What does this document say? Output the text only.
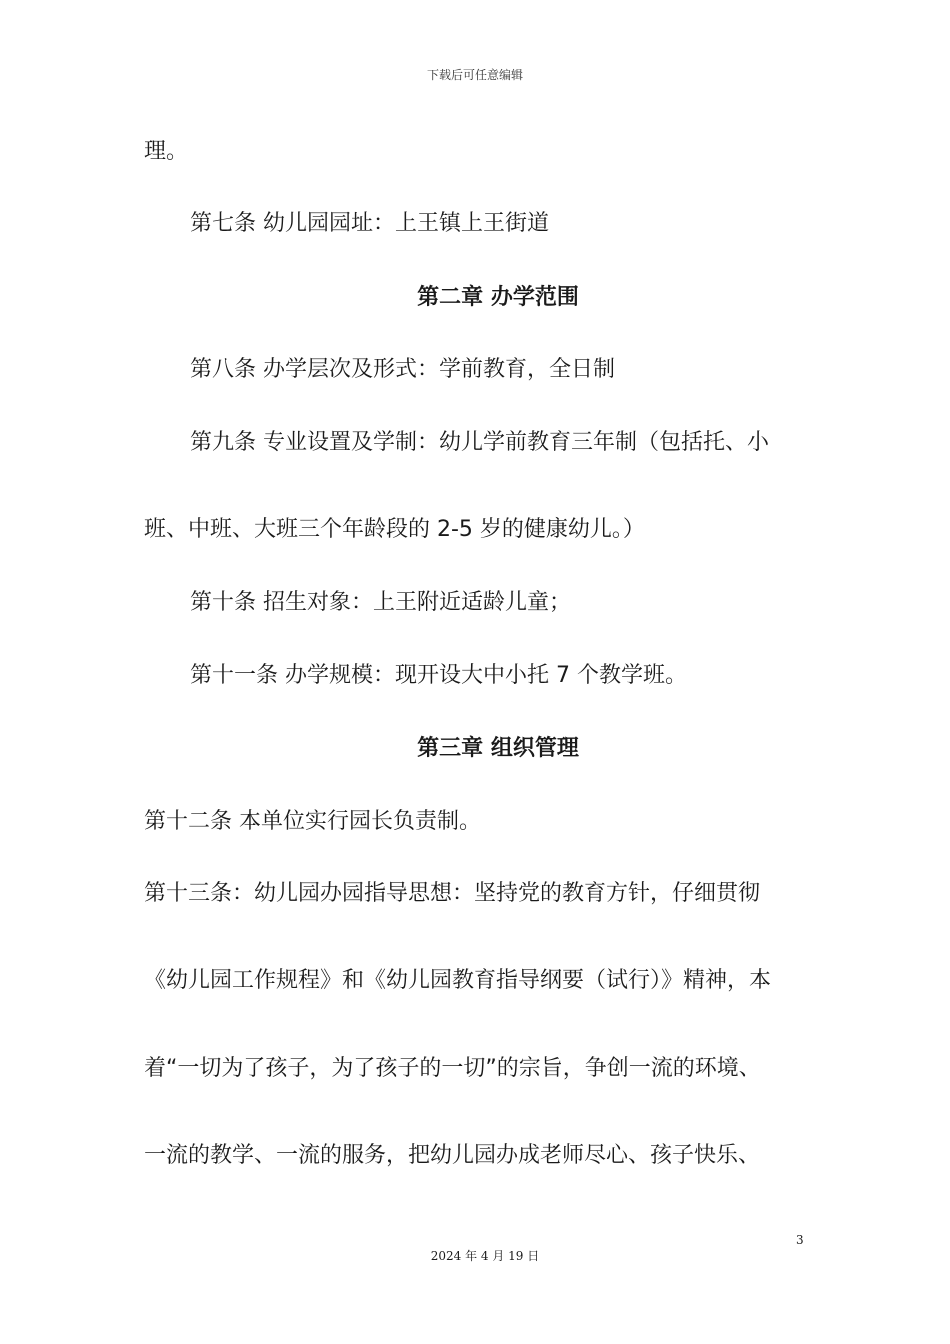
下载后可任意编辑
理。
第七条 幼儿园园址：上王镇上王街道
第二章 办学范围
第八条 办学层次及形式：学前教育，全日制
第九条 专业设置及学制：幼儿学前教育三年制（包括托、小
班、中班、大班三个年龄段的 2-5 岁的健康幼儿。）
第十条 招生对象：上王附近适龄儿童；
第十一条 办学规模：现开设大中小托 7 个教学班。
第三章 组织管理
第十二条 本单位实行园长负责制。
第十三条：幼儿园办园指导思想：坚持党的教育方针，仔细贯彻
《幼儿园工作规程》和《幼儿园教育指导纲要（试行）》精神，本
着“一切为了孩子，为了孩子的一切”的宗旨，争创一流的环境、
一流的教学、一流的服务，把幼儿园办成老师尽心、孩子快乐、
3
2024 年 4 月 19 日
